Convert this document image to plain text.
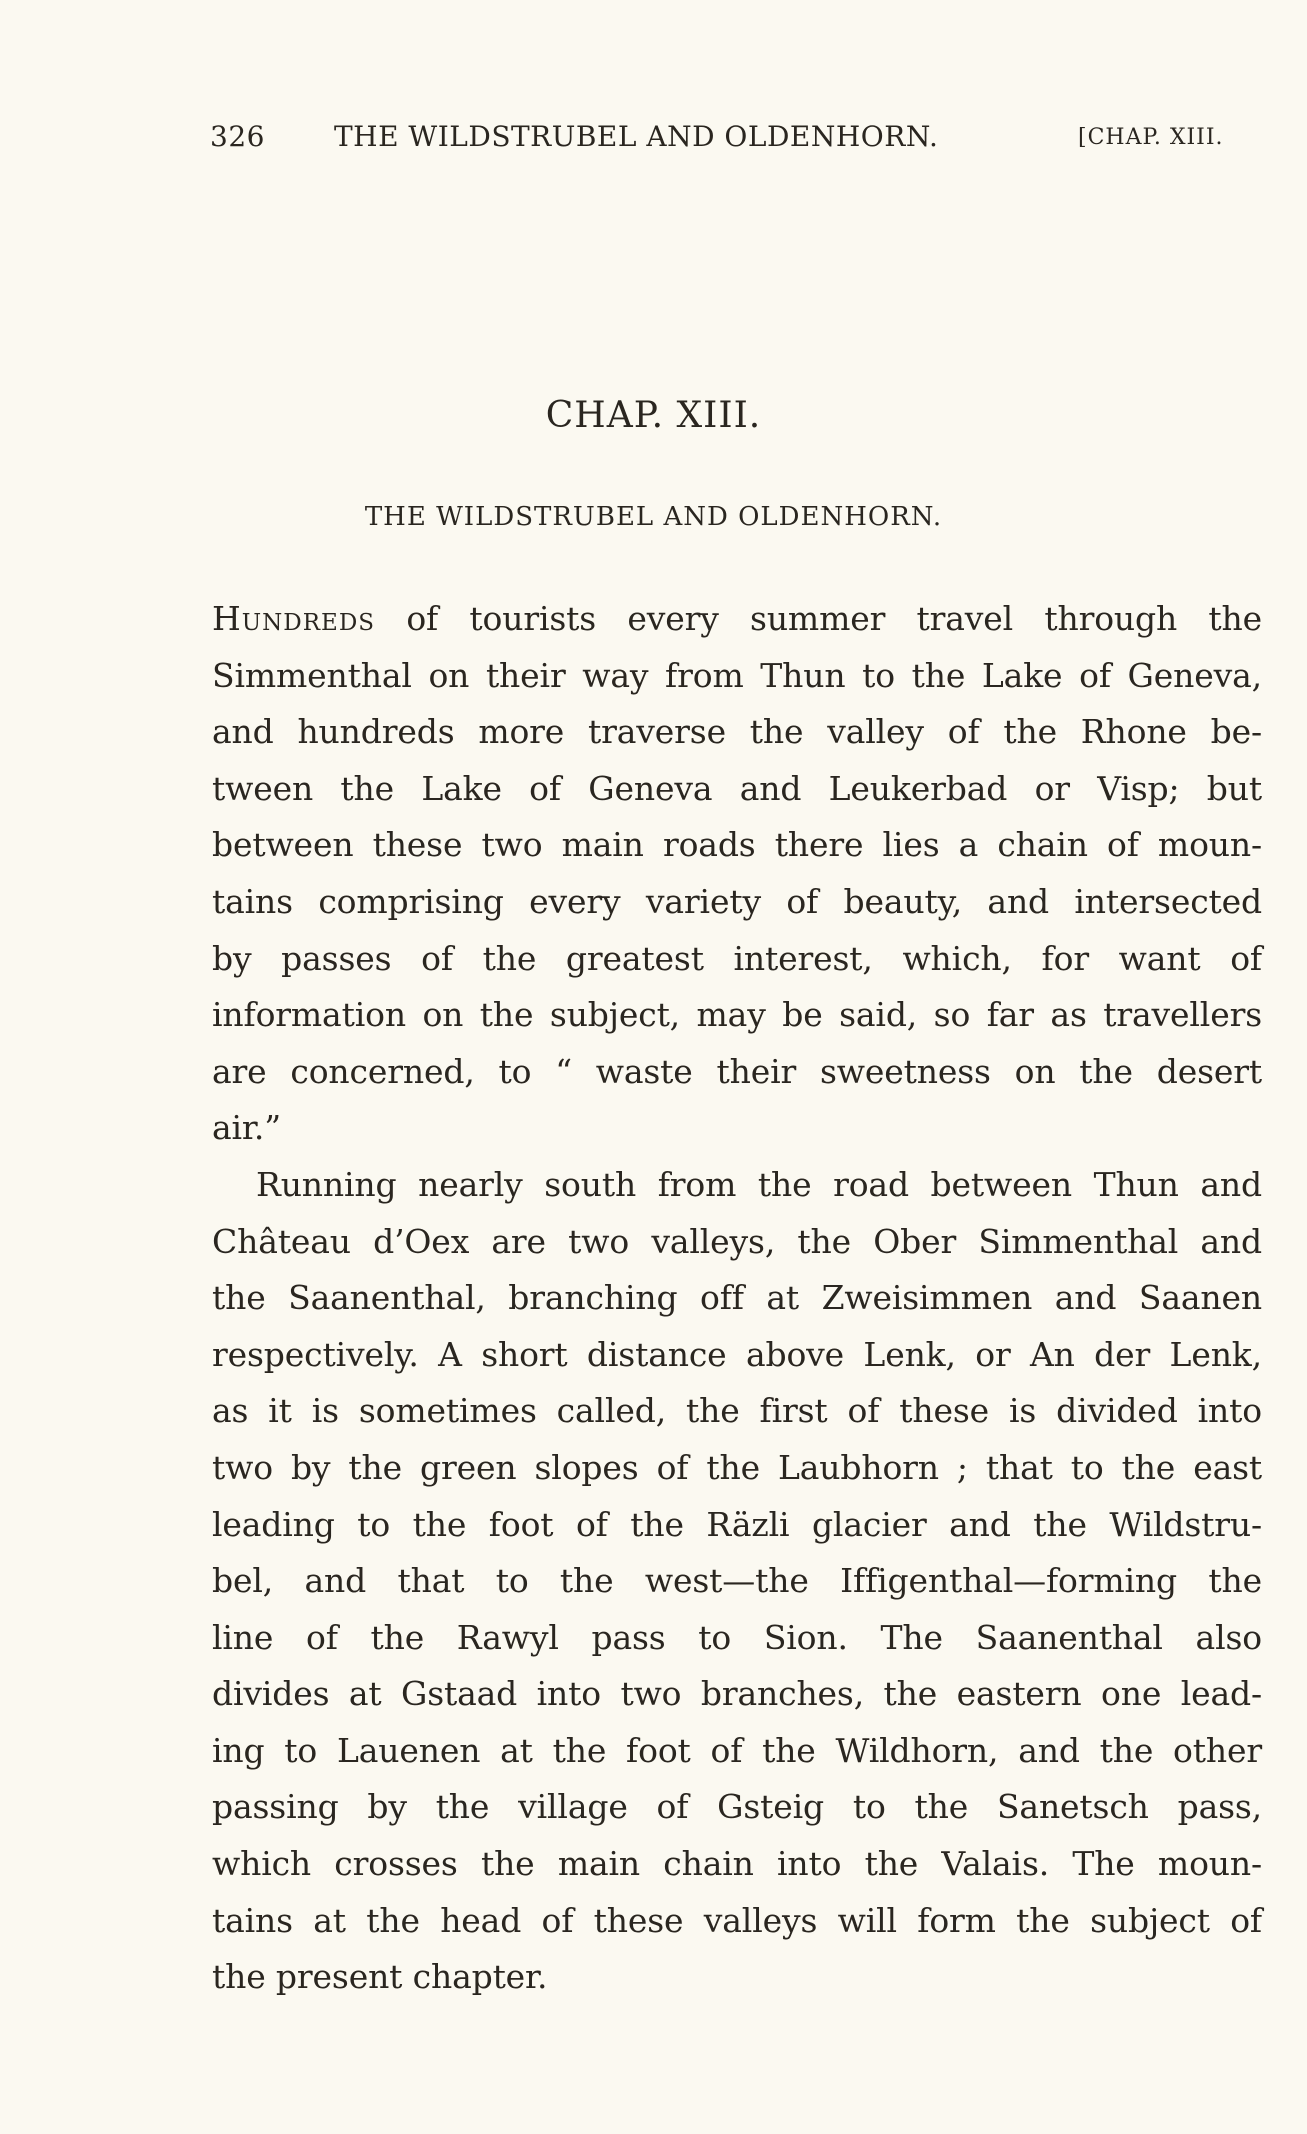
326 THE WILDSTRUBEL AND OLDENHORN.	[CHAP. XIII.
CHAP. XIII.
THE WILDSTRUBEL AND OLDENHORN.
Hundreds of tourists every summer travel through the
Simmenthal on their way from Thun to the Lake of Geneva,
and hundreds more traverse the valley of the Rhone be-
tween the Lake of Geneva and Leukerbad or Visp; but
between these two main roads there lies a chain of moun-
tains comprising every variety of beauty, and intersected
by passes of the greatest interest, which, for want of
information on the subject, may be said, so far as travellers
are concerned, to “ waste their sweetness on the desert
air.”
Running nearly south from the road between Thun and
Château d’Oex are two valleys, the Ober Simmenthal and
the Saanenthal, branching off at Zweisimmen and Saanen
respectively. A short distance above Lenk, or An der Lenk,
as it is sometimes called, the first of these is divided into
two by the green slopes of the Laubhorn ; that to the east
leading to the foot of the Räzli glacier and the Wildstru-
bel, and that to the west—the Iffigenthal—forming the
line of the Rawyl pass to Sion. The Saanenthal also
divides at Gstaad into two branches, the eastern one lead-
ing to Lauenen at the foot of the Wildhorn, and the other
passing by the village of Gsteig to the Sanetsch pass,
which crosses the main chain into the Valais. The moun-
tains at the head of these valleys will form the subject of
the present chapter.
